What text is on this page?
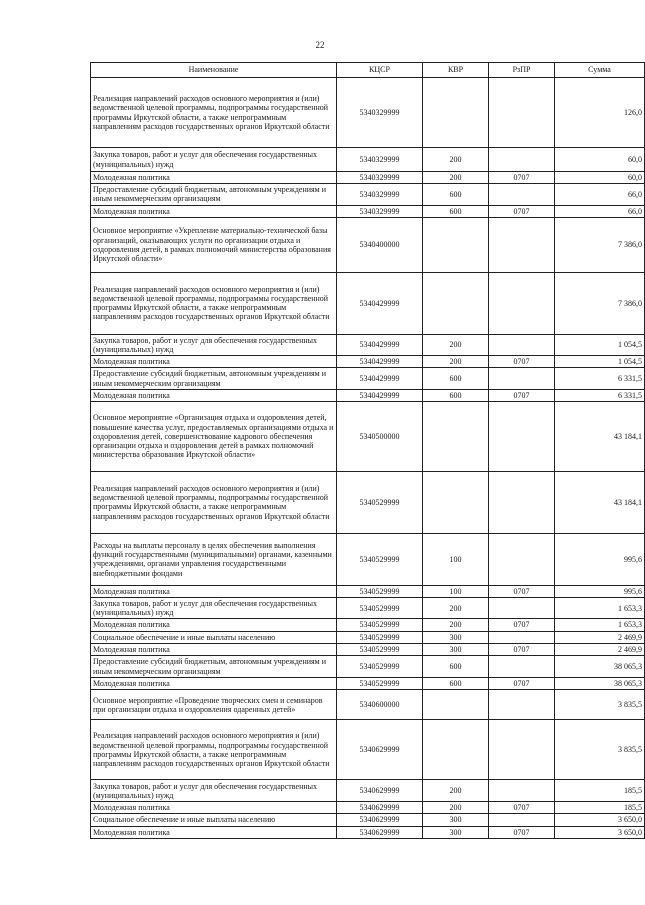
22
Наименование	КЦСР	КВР	РзПР	Сумма
Реализация направлений расходов основного мероприятия и (или) ведомственной целевой программы, подпрограммы государственной программы Иркутской области, а также непрограммным направлениям расходов государственных органов Иркутской области	5340329999			126,0
Закупка товаров, работ и услуг для обеспечения государственных (муниципальных) нужд	5340329999	200		60,0
Молодежная политика	5340329999	200	0707	60,0
Предоставление субсидий бюджетным, автономным учреждениям и иным некоммерческим организациям	5340329999	600		66,0
Молодежная политика	5340329999	600	0707	66,0
Основное мероприятие «Укрепление материально-технической базы организаций, оказывающих услуги по организации отдыха и оздоровления детей, в рамках полномочий министерства образования Иркутской области»	5340400000			7 386,0
Реализация направлений расходов основного мероприятия и (или) ведомственной целевой программы, подпрограммы государственной программы Иркутской области, а также непрограммным направлениям расходов государственных органов Иркутской области	5340429999			7 386,0
Закупка товаров, работ и услуг для обеспечения государственных (муниципальных) нужд	5340429999	200		1 054,5
Молодежная политика	5340429999	200	0707	1 054,5
Предоставление субсидий бюджетным, автономным учреждениям и иным некоммерческим организациям	5340429999	600		6 331,5
Молодежная политика	5340429999	600	0707	6 331,5
Основное мероприятие «Организация отдыха и оздоровления детей, повышение качества услуг, предоставляемых организациями отдыха и оздоровления детей, совершенствование кадрового обеспечения организации отдыха и оздоровления детей в рамках полномочий министерства образования Иркутской области»	5340500000			43 184,1
Реализация направлений расходов основного мероприятия и (или) ведомственной целевой программы, подпрограммы государственной программы Иркутской области, а также непрограммным направлениям расходов государственных органов Иркутской области	5340529999			43 184,1
Расходы на выплаты персоналу в целях обеспечения выполнения функций государственными (муниципальными) органами, казенными учреждениями, органами управления государственными внебюджетными фондами	5340529999	100		995,6
Молодежная политика	5340529999	100	0707	995,6
Закупка товаров, работ и услуг для обеспечения государственных (муниципальных) нужд	5340529999	200		1 653,3
Молодежная политика	5340529999	200	0707	1 653,3
Социальное обеспечение и иные выплаты населению	5340529999	300		2 469,9
Молодежная политика	5340529999	300	0707	2 469,9
Предоставление субсидий бюджетным, автономным учреждениям и иным некоммерческим организациям	5340529999	600		38 065,3
Молодежная политика	5340529999	600	0707	38 065,3
Основное мероприятие «Проведение творческих смен и семинаров при организации отдыха и оздоровления одаренных детей»	5340600000			3 835,5
Реализация направлений расходов основного мероприятия и (или) ведомственной целевой программы, подпрограммы государственной программы Иркутской области, а также непрограммным направлениям расходов государственных органов Иркутской области	5340629999			3 835,5
Закупка товаров, работ и услуг для обеспечения государственных (муниципальных) нужд	5340629999	200		185,5
Молодежная политика	5340629999	200	0707	185,5
Социальное обеспечение и иные выплаты населению	5340629999	300		3 650,0
Молодежная политика	5340629999	300	0707	3 650,0
